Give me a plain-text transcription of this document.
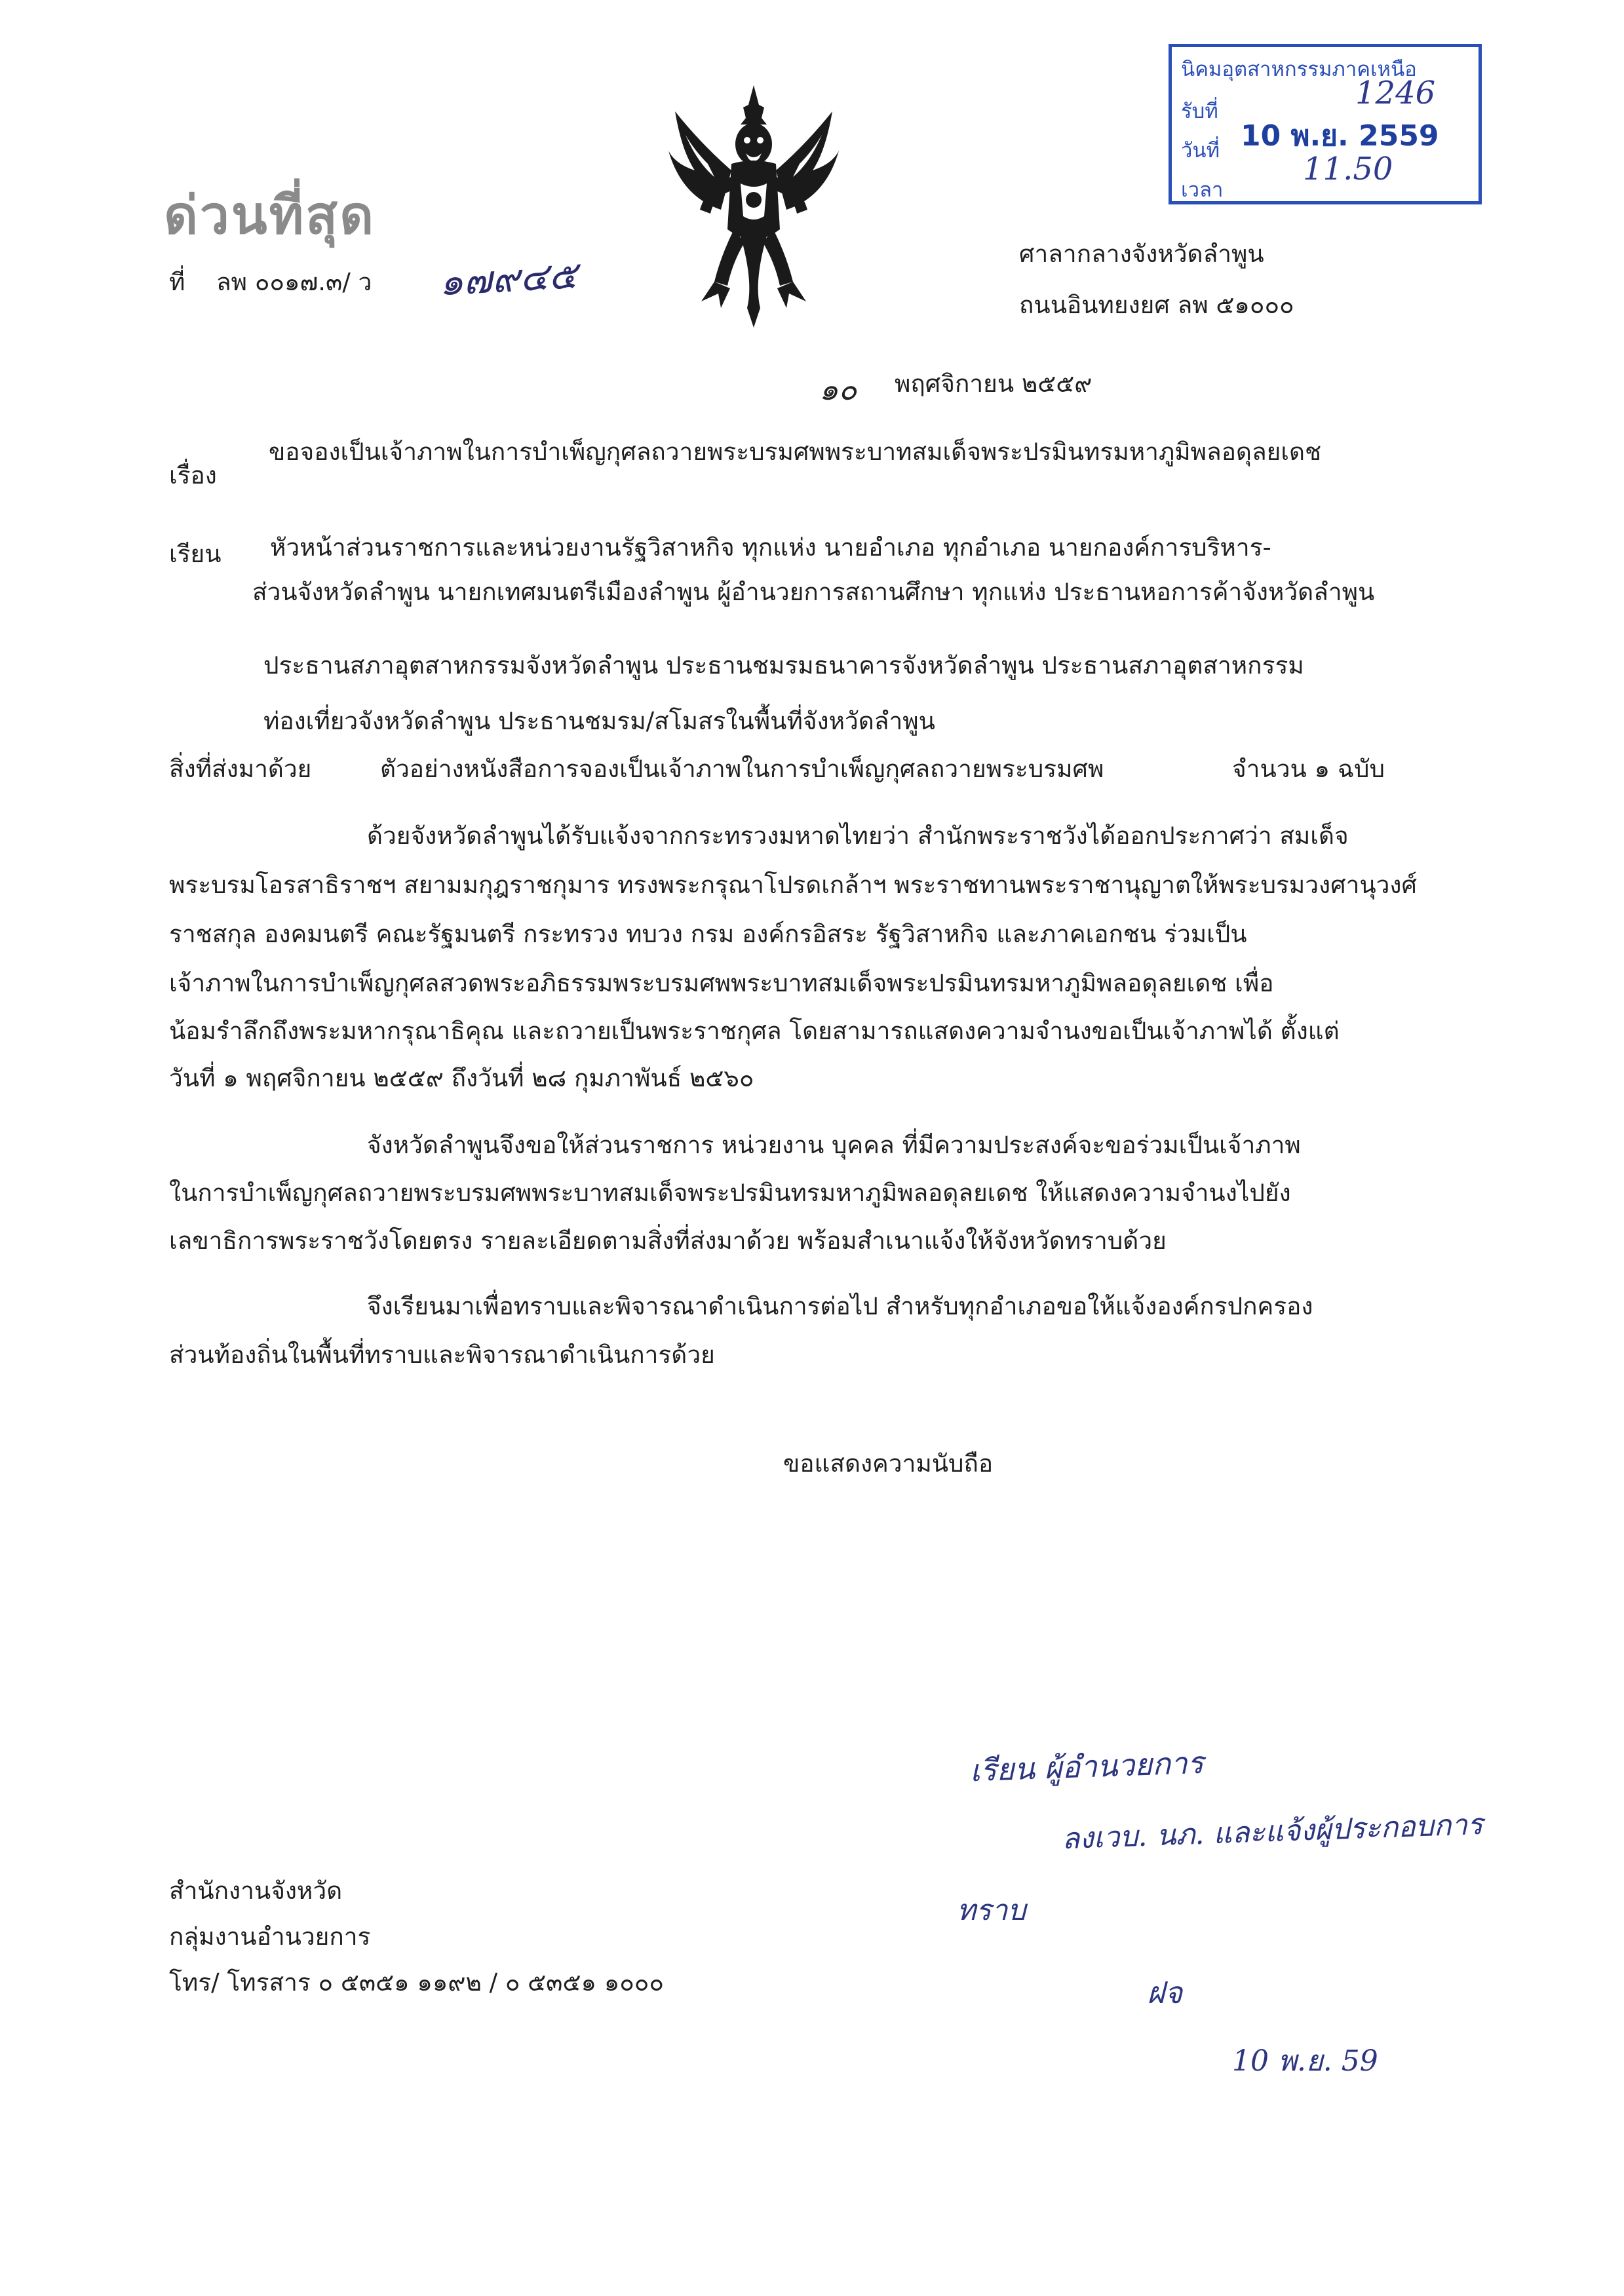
ด่วนที่สุด
ที่ ลพ ๐๐๑๗.๓/ ว ๑๗๙๔๕
นิคมอุตสาหกรรมภาคเหนือ
รับที่	1246
วันที่ 10 พ.ย. 2559
เวลา
11.50
ศาลากลางจังหวัดลำพูน
ถนนอินทยงยศ ลพ ๕๑๐๐๐
๑๐ พฤศจิกายน ๒๕๕๙
เรื่อง
ขอจองเป็นเจ้าภาพในการบำเพ็ญกุศลถวายพระบรมศพพระบาทสมเด็จพระปรมินทรมหาภูมิพลอดุลยเดช
เรียน หัวหน้าส่วนราชการและหน่วยงานรัฐวิสาหกิจ ทุกแห่ง นายอำเภอ ทุกอำเภอ นายกองค์การบริหาร-
ส่วนจังหวัดลำพูน นายกเทศมนตรีเมืองลำพูน ผู้อำนวยการสถานศึกษา ทุกแห่ง ประธานหอการค้าจังหวัดลำพูน
ประธานสภาอุตสาหกรรมจังหวัดลำพูน ประธานชมรมธนาคารจังหวัดลำพูน ประธานสภาอุตสาหกรรม
ท่องเที่ยวจังหวัดลำพูน ประธานชมรม/สโมสรในพื้นที่จังหวัดลำพูน
สิ่งที่ส่งมาด้วย	ตัวอย่างหนังสือการจองเป็นเจ้าภาพในการบำเพ็ญกุศลถวายพระบรมศพ	จำนวน ๑ ฉบับ
ด้วยจังหวัดลำพูนได้รับแจ้งจากกระทรวงมหาดไทยว่า สำนักพระราชวังได้ออกประกาศว่า สมเด็จ
พระบรมโอรสาธิราชฯ สยามมกุฎราชกุมาร ทรงพระกรุณาโปรดเกล้าฯ พระราชทานพระราชานุญาตให้พระบรมวงศานุวงศ์
ราชสกุล องคมนตรี คณะรัฐมนตรี กระทรวง ทบวง กรม องค์กรอิสระ รัฐวิสาหกิจ และภาคเอกชน ร่วมเป็น
เจ้าภาพในการบำเพ็ญกุศลสวดพระอภิธรรมพระบรมศพพระบาทสมเด็จพระปรมินทรมหาภูมิพลอดุลยเดช เพื่อ
น้อมรำลึกถึงพระมหากรุณาธิคุณ และถวายเป็นพระราชกุศล โดยสามารถแสดงความจำนงขอเป็นเจ้าภาพได้ ตั้งแต่
วันที่ ๑ พฤศจิกายน ๒๕๕๙ ถึงวันที่ ๒๘ กุมภาพันธ์ ๒๕๖๐
จังหวัดลำพูนจึงขอให้ส่วนราชการ หน่วยงาน บุคคล ที่มีความประสงค์จะขอร่วมเป็นเจ้าภาพ
ในการบำเพ็ญกุศลถวายพระบรมศพพระบาทสมเด็จพระปรมินทรมหาภูมิพลอดุลยเดช ให้แสดงความจำนงไปยัง
เลขาธิการพระราชวังโดยตรง รายละเอียดตามสิ่งที่ส่งมาด้วย พร้อมสำเนาแจ้งให้จังหวัดทราบด้วย
จึงเรียนมาเพื่อทราบและพิจารณาดำเนินการต่อไป สำหรับทุกอำเภอขอให้แจ้งองค์กรปกครอง
ส่วนท้องถิ่นในพื้นที่ทราบและพิจารณาดำเนินการด้วย
ขอแสดงความนับถือ
เรียน ผู้อำนวยการ
ลงเวบ. นภ. และแจ้งผู้ประกอบการ
ทราบ
ฝจ
10 พ.ย. 59
สำนักงานจังหวัด
กลุ่มงานอำนวยการ
โทร/ โทรสาร ๐ ๕๓๕๑ ๑๑๙๒ / ๐ ๕๓๕๑ ๑๐๐๐
